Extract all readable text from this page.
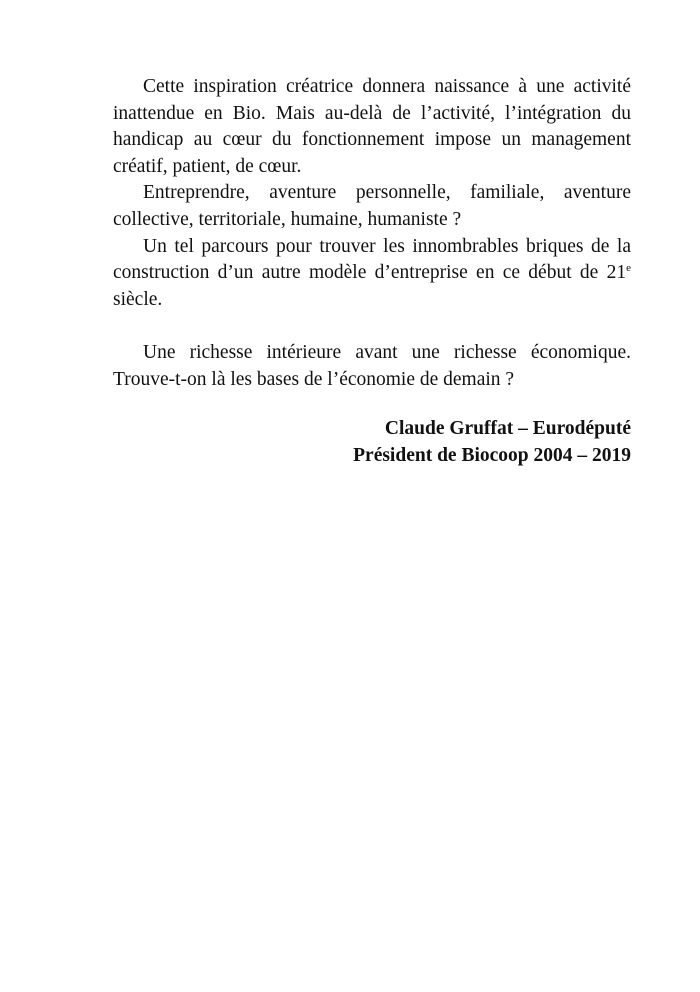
Cette inspiration créatrice donnera naissance à une activité inattendue en Bio. Mais au-delà de l’activité, l’intégration du handicap au cœur du fonctionnement impose un management créatif, patient, de cœur.

Entreprendre, aventure personnelle, familiale, aventure collective, territoriale, humaine, humaniste ?

Un tel parcours pour trouver les innombrables briques de la construction d’un autre modèle d’entreprise en ce début de 21e siècle.

Une richesse intérieure avant une richesse économique. Trouve-t-on là les bases de l’économie de demain ?

Claude Gruffat – Eurodéputé
Président de Biocoop 2004 – 2019
